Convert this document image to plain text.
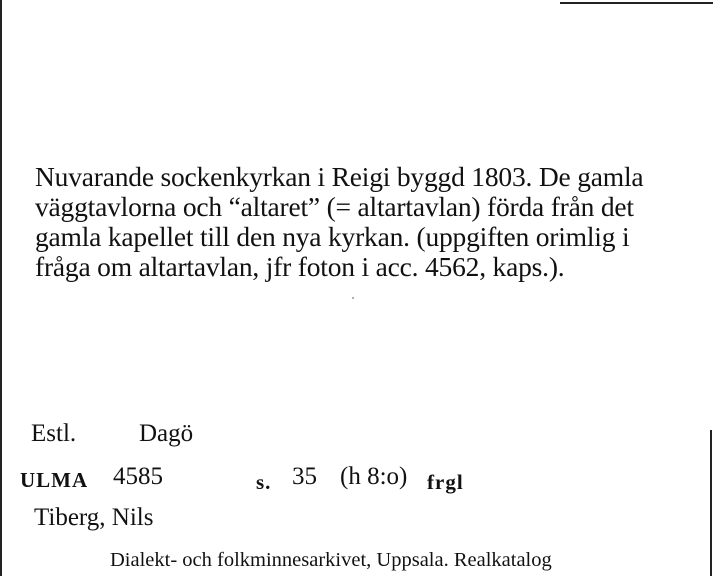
Nuvarande sockenkyrkan i Reigi byggd 1803. De gamla
väggtavlorna och “altaret” (= altartavlan) förda från det
gamla kapellet till den nya kyrkan. (uppgiften orimlig i
fråga om altartavlan, jfr foton i acc. 4562, kaps.).
Estl.	Dagö
ULMA 4585	s. 35 (h 8:o) frgl
Tiberg, Nils
Dialekt- och folkminnesarkivet, Uppsala. Realkatalog
